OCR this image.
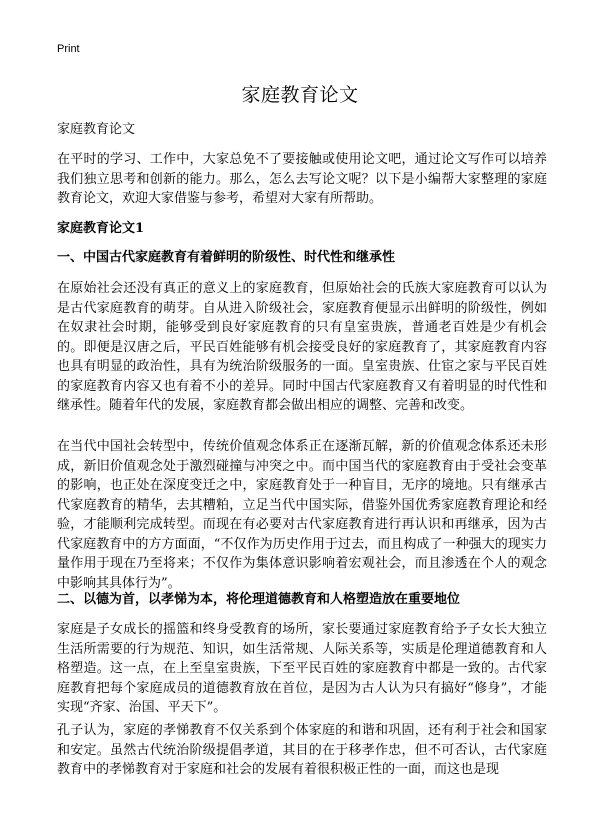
Print
家庭教育论文

家庭教育论文

在平时的学习、工作中，大家总免不了要接触或使用论文吧，通过论文写作可以培养我们独立思考和创新的能力。那么，怎么去写论文呢？以下是小编帮大家整理的家庭教育论文，欢迎大家借鉴与参考，希望对大家有所帮助。

家庭教育论文1

一、中国古代家庭教育有着鲜明的阶级性、时代性和继承性

在原始社会还没有真正的意义上的家庭教育，但原始社会的氏族大家庭教育可以认为是古代家庭教育的萌芽。自从进入阶级社会，家庭教育便显示出鲜明的阶级性，例如在奴隶社会时期，能够受到良好家庭教育的只有皇室贵族，普通老百姓是少有机会的。即便是汉唐之后，平民百姓能够有机会接受良好的家庭教育了，其家庭教育内容也具有明显的政治性，具有为统治阶级服务的一面。皇室贵族、仕宦之家与平民百姓的家庭教育内容又也有着不小的差异。同时中国古代家庭教育又有着明显的时代性和继承性。随着年代的发展，家庭教育都会做出相应的调整、完善和改变。

在当代中国社会转型中，传统价值观念体系正在逐渐瓦解，新的价值观念体系还未形成，新旧价值观念处于激烈碰撞与冲突之中。而中国当代的家庭教育由于受社会变革的影响，也正处在深度变迁之中，家庭教育处于一种盲目，无序的境地。只有继承古代家庭教育的精华，去其糟粕，立足当代中国实际，借鉴外国优秀家庭教育理论和经验，才能顺利完成转型。而现在有必要对古代家庭教育进行再认识和再继承，因为古代家庭教育中的方方面面，“不仅作为历史作用于过去，而且构成了一种强大的现实力量作用于现在乃至将来；不仅作为集体意识影响着宏观社会，而且渗透在个人的观念中影响其具体行为”。

二、以德为首，以孝悌为本，将伦理道德教育和人格塑造放在重要地位

家庭是子女成长的摇篮和终身受教育的场所，家长要通过家庭教育给予子女长大独立生活所需要的行为规范、知识，如生活常规、人际关系等，实质是伦理道德教育和人格塑造。这一点，在上至皇室贵族，下至平民百姓的家庭教育中都是一致的。古代家庭教育把每个家庭成员的道德教育放在首位，是因为古人认为只有搞好“修身”，才能实现“齐家、治国、平天下”。

孔子认为，家庭的孝悌教育不仅关系到个体家庭的和谐和巩固，还有利于社会和国家和安定。虽然古代统治阶级提倡孝道，其目的在于移孝作忠，但不可否认，古代家庭教育中的孝悌教育对于家庭和社会的发展有着很积极正性的一面，而这也是现
